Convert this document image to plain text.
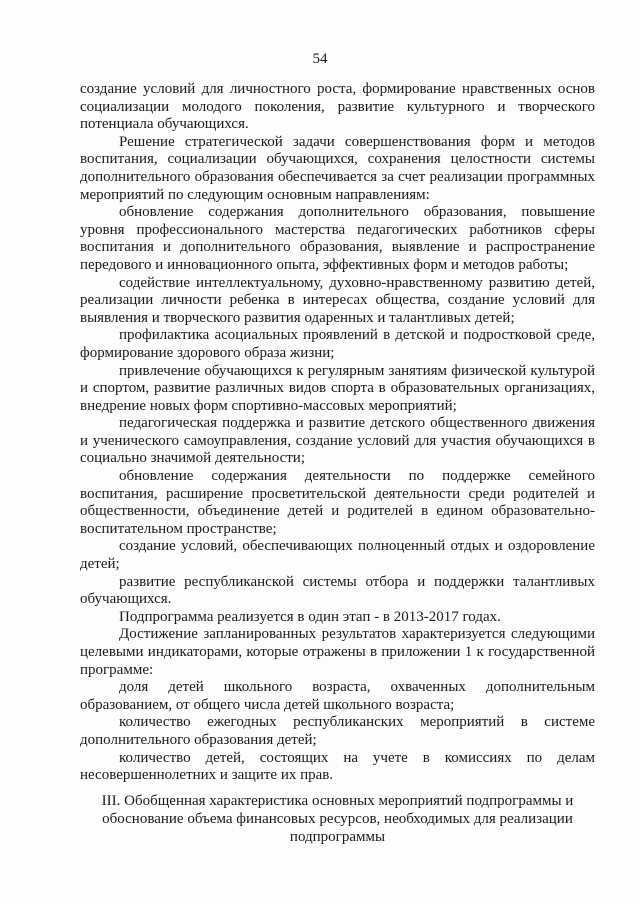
54

создание условий для личностного роста, формирование нравственных основ социализации молодого поколения, развитие культурного и творческого потенциала обучающихся.

Решение стратегической задачи совершенствования форм и методов воспитания, социализации обучающихся, сохранения целостности системы дополнительного образования обеспечивается за счет реализации программных мероприятий по следующим основным направлениям:

обновление содержания дополнительного образования, повышение уровня профессионального мастерства педагогических работников сферы воспитания и дополнительного образования, выявление и распространение передового и инновационного опыта, эффективных форм и методов работы;

содействие интеллектуальному, духовно-нравственному развитию детей, реализации личности ребенка в интересах общества, создание условий для выявления и творческого развития одаренных и талантливых детей;

профилактика асоциальных проявлений в детской и подростковой среде, формирование здорового образа жизни;

привлечение обучающихся к регулярным занятиям физической культурой и спортом, развитие различных видов спорта в образовательных организациях, внедрение новых форм спортивно-массовых мероприятий;

педагогическая поддержка и развитие детского общественного движения и ученического самоуправления, создание условий для участия обучающихся в социально значимой деятельности;

обновление содержания деятельности по поддержке семейного воспитания, расширение просветительской деятельности среди родителей и общественности, объединение детей и родителей в едином образовательно-воспитательном пространстве;

создание условий, обеспечивающих полноценный отдых и оздоровление детей;

развитие республиканской системы отбора и поддержки талантливых обучающихся.

Подпрограмма реализуется в один этап - в 2013-2017 годах.

Достижение запланированных результатов характеризуется следующими целевыми индикаторами, которые отражены в приложении 1 к государственной программе:

доля детей школьного возраста, охваченных дополнительным образованием, от общего числа детей школьного возраста;

количество ежегодных республиканских мероприятий в системе дополнительного образования детей;

количество детей, состоящих на учете в комиссиях по делам несовершеннолетних и защите их прав.

III. Обобщенная характеристика основных мероприятий подпрограммы и
обоснование объема финансовых ресурсов, необходимых для реализации
подпрограммы
